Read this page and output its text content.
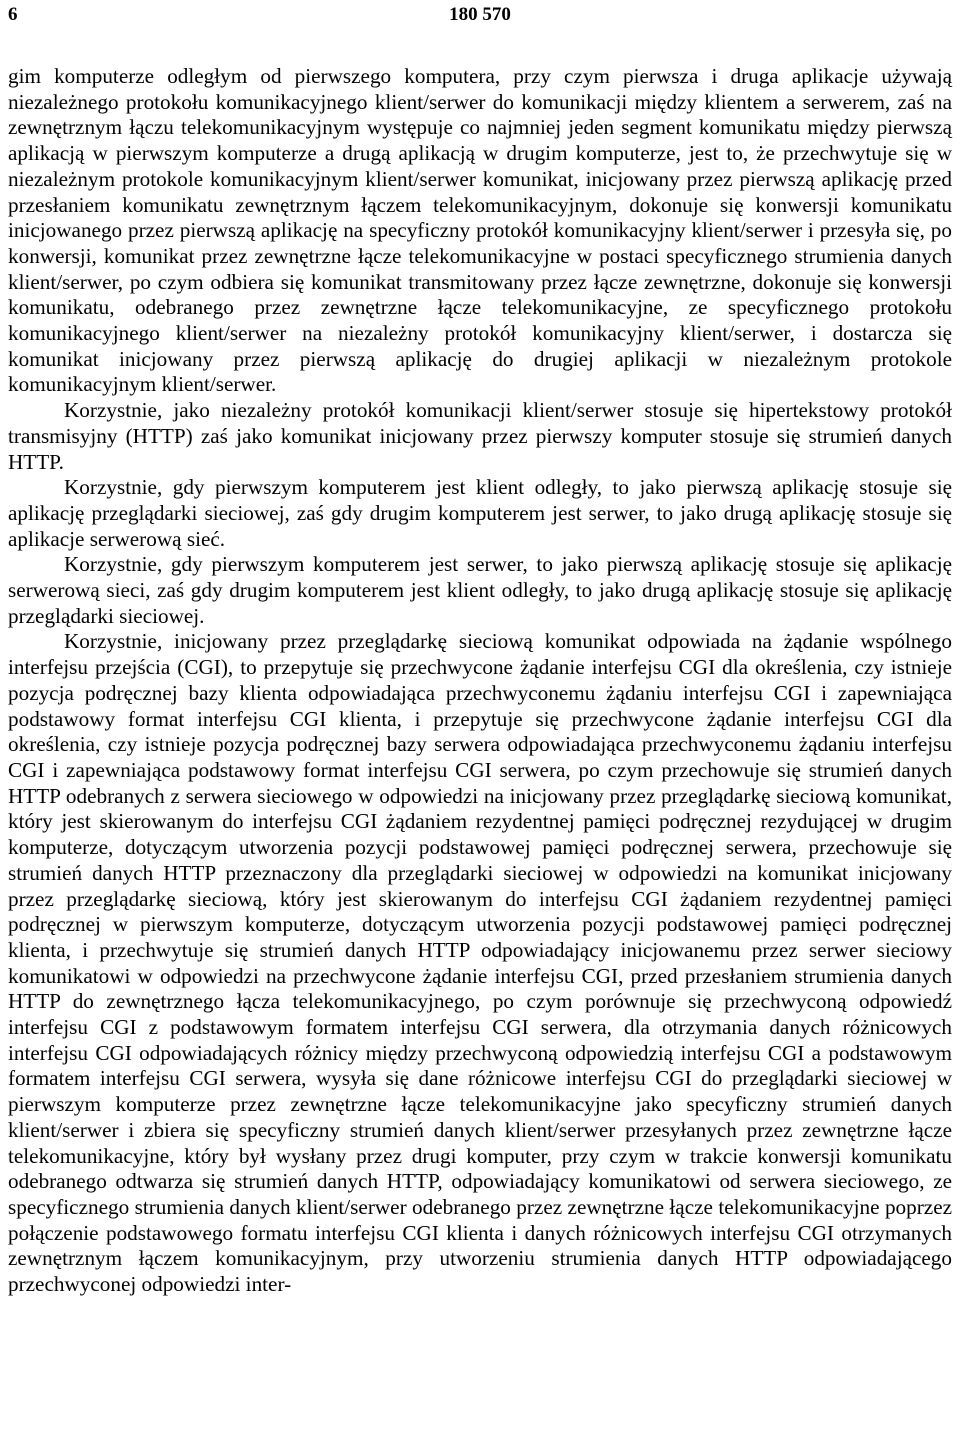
6	180 570

gim komputerze odległym od pierwszego komputera, przy czym pierwsza i druga aplikacje używają niezależnego protokołu komunikacyjnego klient/serwer do komunikacji między klientem a serwerem, zaś na zewnętrznym łączu telekomunikacyjnym występuje co najmniej jeden segment komunikatu między pierwszą aplikacją w pierwszym komputerze a drugą aplikacją w drugim komputerze, jest to, że przechwytuje się w niezależnym protokole komunikacyjnym klient/serwer komunikat, inicjowany przez pierwszą aplikację przed przesłaniem komunikatu zewnętrznym łączem telekomunikacyjnym, dokonuje się konwersji komunikatu inicjowanego przez pierwszą aplikację na specyficzny protokół komunikacyjny klient/serwer i przesyła się, po konwersji, komunikat przez zewnętrzne łącze telekomunikacyjne w postaci specyficznego strumienia danych klient/serwer, po czym odbiera się komunikat transmitowany przez łącze zewnętrzne, dokonuje się konwersji komunikatu, odebranego przez zewnętrzne łącze telekomunikacyjne, ze specyficznego protokołu komunikacyjnego klient/serwer na niezależny protokół komunikacyjny klient/serwer, i dostarcza się komunikat inicjowany przez pierwszą aplikację do drugiej aplikacji w niezależnym protokole komunikacyjnym klient/serwer.

Korzystnie, jako niezależny protokół komunikacji klient/serwer stosuje się hipertekstowy protokół transmisyjny (HTTP) zaś jako komunikat inicjowany przez pierwszy komputer stosuje się strumień danych HTTP.

Korzystnie, gdy pierwszym komputerem jest klient odległy, to jako pierwszą aplikację stosuje się aplikację przeglądarki sieciowej, zaś gdy drugim komputerem jest serwer, to jako drugą aplikację stosuje się aplikacje serwerową sieć.

Korzystnie, gdy pierwszym komputerem jest serwer, to jako pierwszą aplikację stosuje się aplikację serwerową sieci, zaś gdy drugim komputerem jest klient odległy, to jako drugą aplikację stosuje się aplikację przeglądarki sieciowej.

Korzystnie, inicjowany przez przeglądarkę sieciową komunikat odpowiada na żądanie wspólnego interfejsu przejścia (CGI), to przepytuje się przechwycone żądanie interfejsu CGI dla określenia, czy istnieje pozycja podręcznej bazy klienta odpowiadająca przechwyconemu żądaniu interfejsu CGI i zapewniająca podstawowy format interfejsu CGI klienta, i przepytuje się przechwycone żądanie interfejsu CGI dla określenia, czy istnieje pozycja podręcznej bazy serwera odpowiadająca przechwyconemu żądaniu interfejsu CGI i zapewniająca podstawowy format interfejsu CGI serwera, po czym przechowuje się strumień danych HTTP odebranych z serwera sieciowego w odpowiedzi na inicjowany przez przeglądarkę sieciową komunikat, który jest skierowanym do interfejsu CGI żądaniem rezydentnej pamięci podręcznej rezydującej w drugim komputerze, dotyczącym utworzenia pozycji podstawowej pamięci podręcznej serwera, przechowuje się strumień danych HTTP przeznaczony dla przeglądarki sieciowej w odpowiedzi na komunikat inicjowany przez przeglądarkę sieciową, który jest skierowanym do interfejsu CGI żądaniem rezydentnej pamięci podręcznej w pierwszym komputerze, dotyczącym utworzenia pozycji podstawowej pamięci podręcznej klienta, i przechwytuje się strumień danych HTTP odpowiadający inicjowanemu przez serwer sieciowy komunikatowi w odpowiedzi na przechwycone żądanie interfejsu CGI, przed przesłaniem strumienia danych HTTP do zewnętrznego łącza telekomunikacyjnego, po czym porównuje się przechwyconą odpowiedź interfejsu CGI z podstawowym formatem interfejsu CGI serwera, dla otrzymania danych różnicowych interfejsu CGI odpowiadających różnicy między przechwyconą odpowiedzią interfejsu CGI a podstawowym formatem interfejsu CGI serwera, wysyła się dane różnicowe interfejsu CGI do przeglądarki sieciowej w pierwszym komputerze przez zewnętrzne łącze telekomunikacyjne jako specyficzny strumień danych klient/serwer i zbiera się specyficzny strumień danych klient/serwer przesyłanych przez zewnętrzne łącze telekomunikacyjne, który był wysłany przez drugi komputer, przy czym w trakcie konwersji komunikatu odebranego odtwarza się strumień danych HTTP, odpowiadający komunikatowi od serwera sieciowego, ze specyficznego strumienia danych klient/serwer odebranego przez zewnętrzne łącze telekomunikacyjne poprzez połączenie podstawowego formatu interfejsu CGI klienta i danych różnicowych interfejsu CGI otrzymanych zewnętrznym łączem komunikacyjnym, przy utworzeniu strumienia danych HTTP odpowiadającego przechwyconej odpowiedzi inter-
